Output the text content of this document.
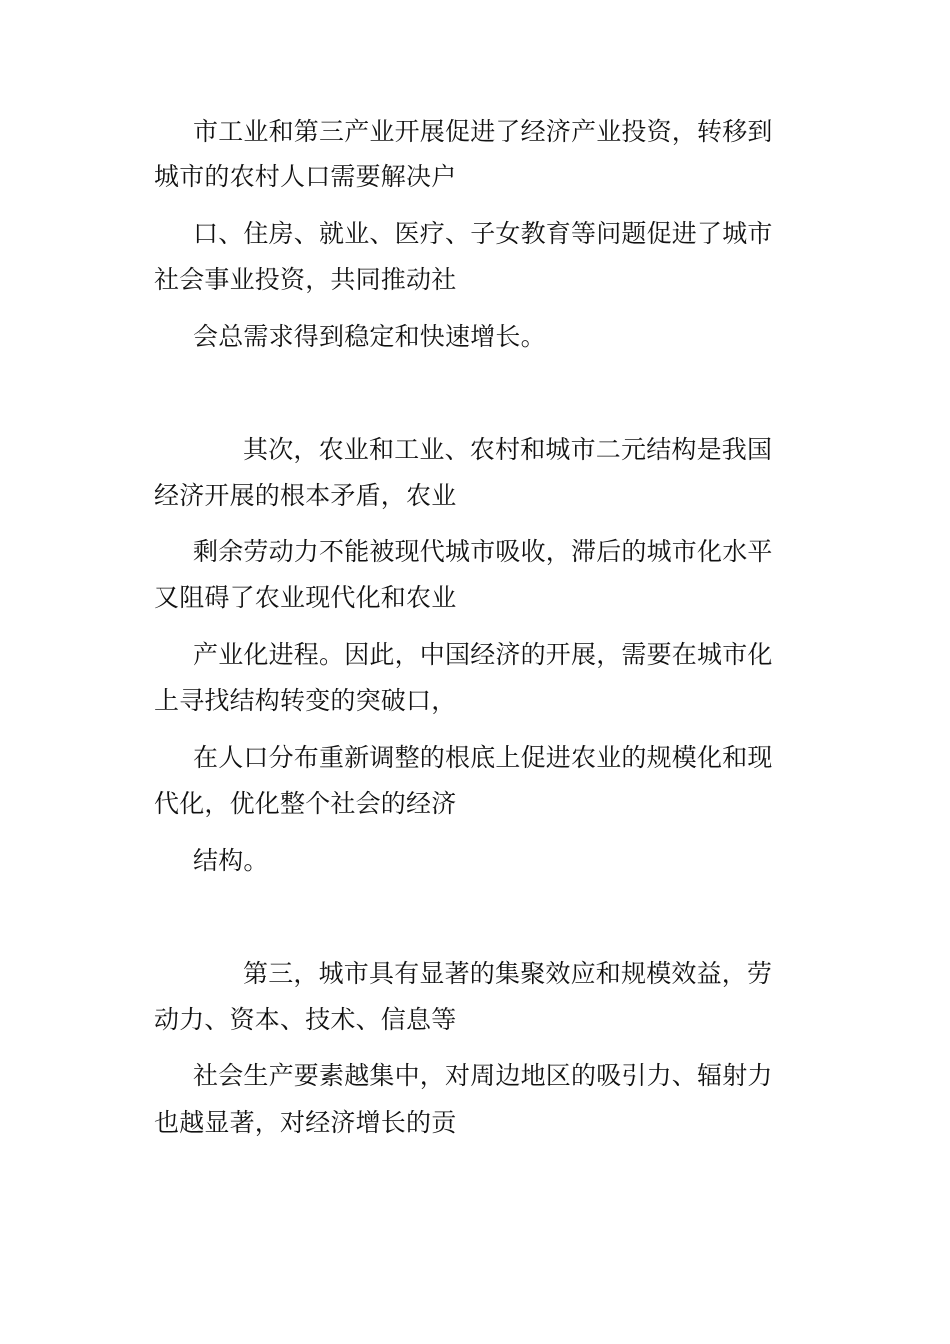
市工业和第三产业开展促进了经济产业投资，转移到
城市的农村人口需要解决户
口、住房、就业、医疗、子女教育等问题促进了城市
社会事业投资，共同推动社
会总需求得到稳定和快速增长。
其次，农业和工业、农村和城市二元结构是我国
经济开展的根本矛盾，农业
剩余劳动力不能被现代城市吸收，滞后的城市化水平
又阻碍了农业现代化和农业
产业化进程。因此，中国经济的开展，需要在城市化
上寻找结构转变的突破口，
在人口分布重新调整的根底上促进农业的规模化和现
代化，优化整个社会的经济
结构。
第三，城市具有显著的集聚效应和规模效益，劳
动力、资本、技术、信息等
社会生产要素越集中，对周边地区的吸引力、辐射力
也越显著，对经济增长的贡
